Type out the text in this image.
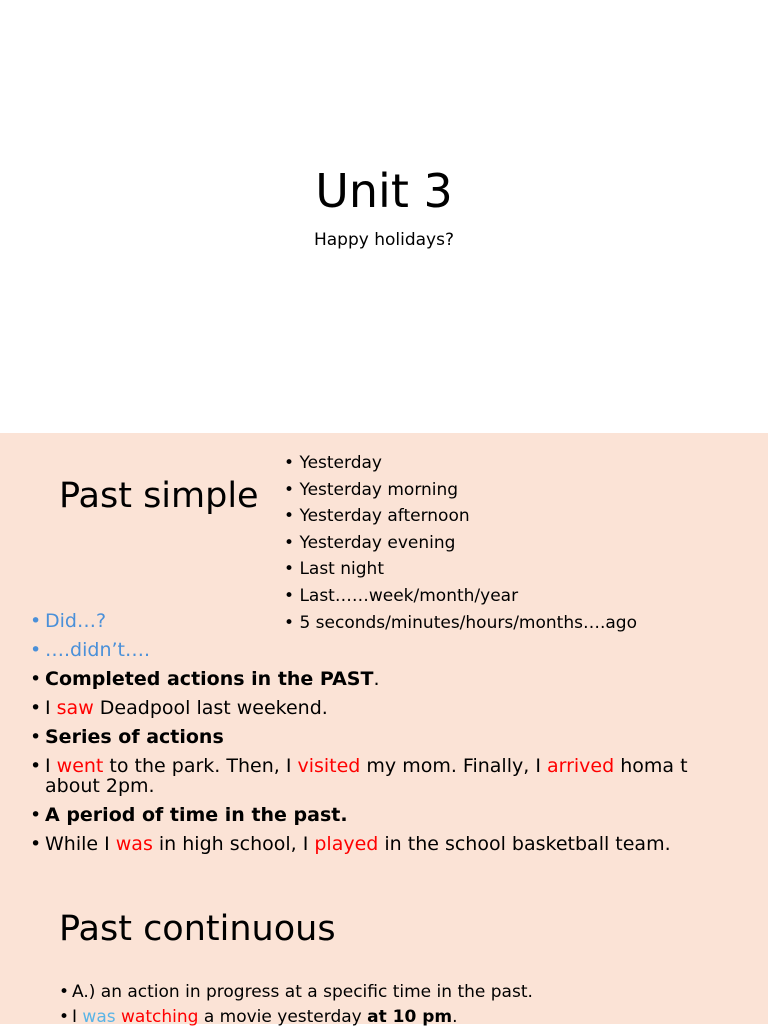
Unit 3
Happy holidays?
Past simple
• Yesterday
• Yesterday morning
• Yesterday afternoon
• Yesterday evening
• Last night
• Last……week/month/year
• 5 seconds/minutes/hours/months….ago
• Did…?
• ….didn’t….
• Completed actions in the PAST.
• I saw Deadpool last weekend.
• Series of actions
• I went to the park. Then, I visited my mom. Finally, I arrived homa t about 2pm.
• A period of time in the past.
• While I was in high school, I played in the school basketball team.
Past continuous
• A.) an action in progress at a specific time in the past.
• I was watching a movie yesterday at 10 pm.
